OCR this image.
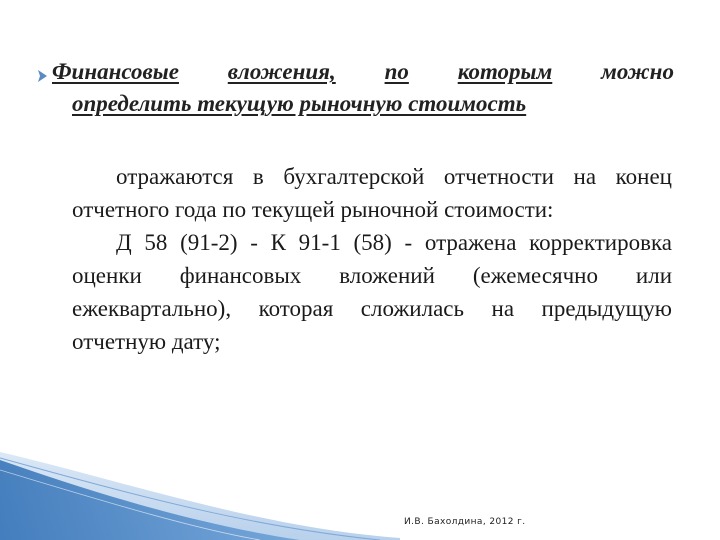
Финансовые вложения, по которым можно
определить текущую рыночную стоимость
отражаются в бухгалтерской отчетности на конец отчетного года по текущей рыночной стоимости:
Д 58 (91-2) - К 91-1 (58) - отражена корректировка оценки финансовых вложений (ежемесячно или ежеквартально), которая сложилась на предыдущую отчетную дату;
И.В. Бахолдина, 2012 г.
